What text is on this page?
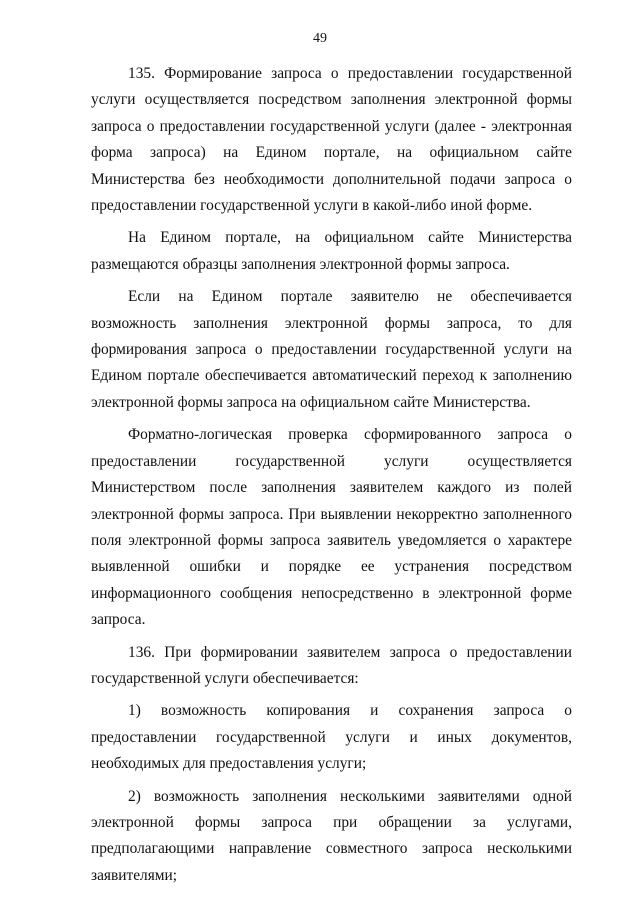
49

135. Формирование запроса о предоставлении государственной услуги осуществляется посредством заполнения электронной формы запроса о предоставлении государственной услуги (далее - электронная форма запроса) на Едином портале, на официальном сайте Министерства без необходимости дополнительной подачи запроса о предоставлении государственной услуги в какой-либо иной форме.

На Едином портале, на официальном сайте Министерства размещаются образцы заполнения электронной формы запроса.

Если на Едином портале заявителю не обеспечивается возможность заполнения электронной формы запроса, то для формирования запроса о предоставлении государственной услуги на Едином портале обеспечивается автоматический переход к заполнению электронной формы запроса на официальном сайте Министерства.

Форматно-логическая проверка сформированного запроса о предоставлении государственной услуги осуществляется Министерством после заполнения заявителем каждого из полей электронной формы запроса. При выявлении некорректно заполненного поля электронной формы запроса заявитель уведомляется о характере выявленной ошибки и порядке ее устранения посредством информационного сообщения непосредственно в электронной форме запроса.

136. При формировании заявителем запроса о предоставлении государственной услуги обеспечивается:

1) возможность копирования и сохранения запроса о предоставлении государственной услуги и иных документов, необходимых для предоставления услуги;

2) возможность заполнения несколькими заявителями одной электронной формы запроса при обращении за услугами, предполагающими направление совместного запроса несколькими заявителями;
